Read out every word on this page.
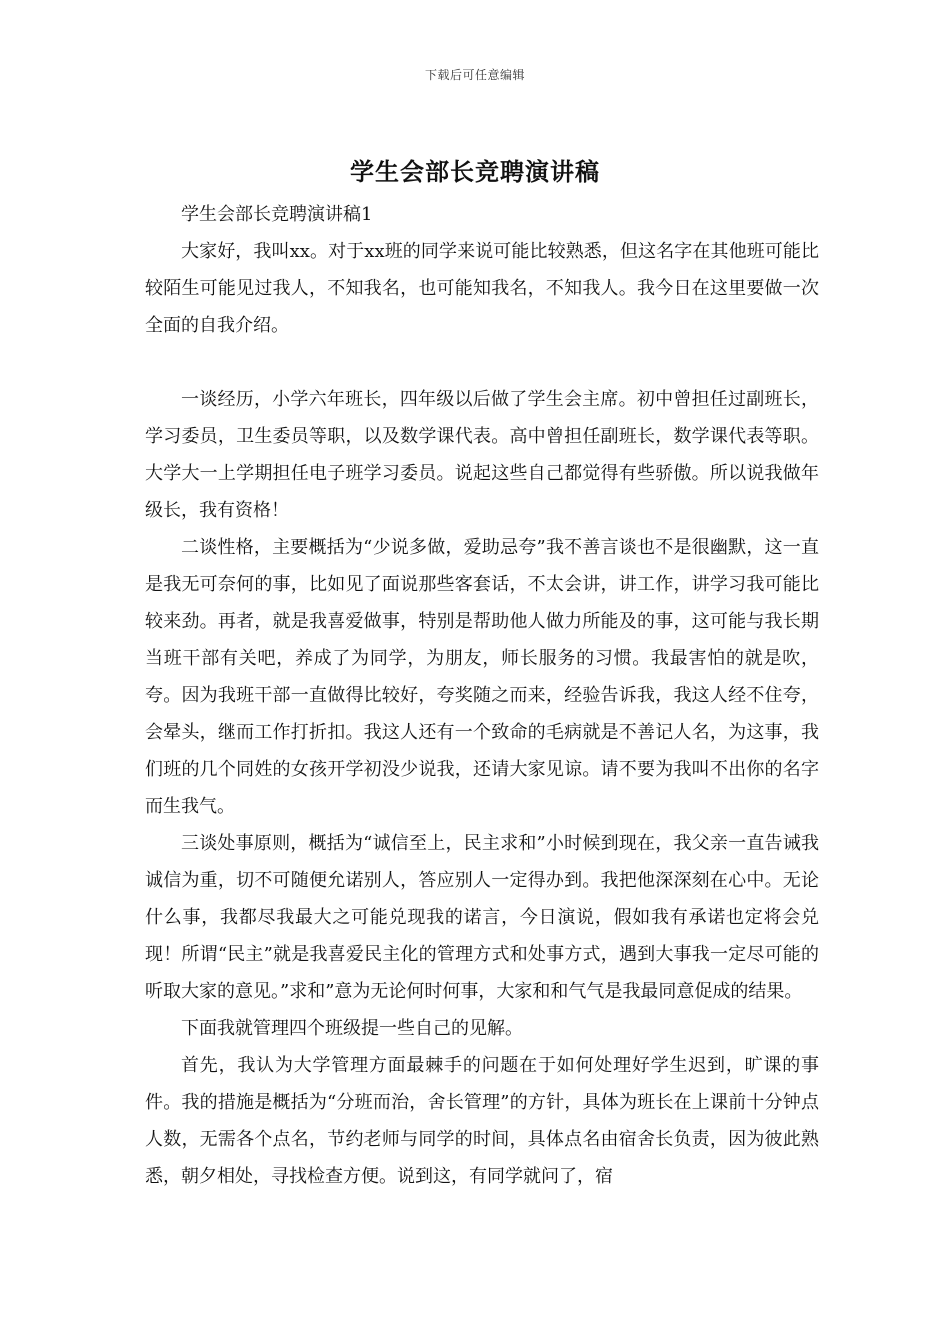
下载后可任意编辑
学生会部长竞聘演讲稿

学生会部长竞聘演讲稿1

大家好，我叫xx。对于xx班的同学来说可能比较熟悉，但这名字在其他班可能比较陌生可能见过我人，不知我名，也可能知我名，不知我人。我今日在这里要做一次全面的自我介绍。

一谈经历，小学六年班长，四年级以后做了学生会主席。初中曾担任过副班长，学习委员，卫生委员等职，以及数学课代表。高中曾担任副班长，数学课代表等职。大学大一上学期担任电子班学习委员。说起这些自己都觉得有些骄傲。所以说我做年级长，我有资格！

二谈性格，主要概括为“少说多做，爱助忌夸”我不善言谈也不是很幽默，这一直是我无可奈何的事，比如见了面说那些客套话，不太会讲，讲工作，讲学习我可能比较来劲。再者，就是我喜爱做事，特别是帮助他人做力所能及的事，这可能与我长期当班干部有关吧，养成了为同学，为朋友，师长服务的习惯。我最害怕的就是吹，夸。因为我班干部一直做得比较好，夸奖随之而来，经验告诉我，我这人经不住夸，会晕头，继而工作打折扣。我这人还有一个致命的毛病就是不善记人名，为这事，我们班的几个同姓的女孩开学初没少说我，还请大家见谅。请不要为我叫不出你的名字而生我气。

三谈处事原则，概括为“诚信至上，民主求和”小时候到现在，我父亲一直告诫我诚信为重，切不可随便允诺别人，答应别人一定得办到。我把他深深刻在心中。无论什么事，我都尽我最大之可能兑现我的诺言，今日演说，假如我有承诺也定将会兑现！所谓“民主”就是我喜爱民主化的管理方式和处事方式，遇到大事我一定尽可能的听取大家的意见。”求和”意为无论何时何事，大家和和气气是我最同意促成的结果。

下面我就管理四个班级提一些自己的见解。

首先，我认为大学管理方面最棘手的问题在于如何处理好学生迟到，旷课的事件。我的措施是概括为“分班而治，舍长管理”的方针，具体为班长在上课前十分钟点人数，无需各个点名，节约老师与同学的时间，具体点名由宿舍长负责，因为彼此熟悉，朝夕相处，寻找检查方便。说到这，有同学就问了，宿
